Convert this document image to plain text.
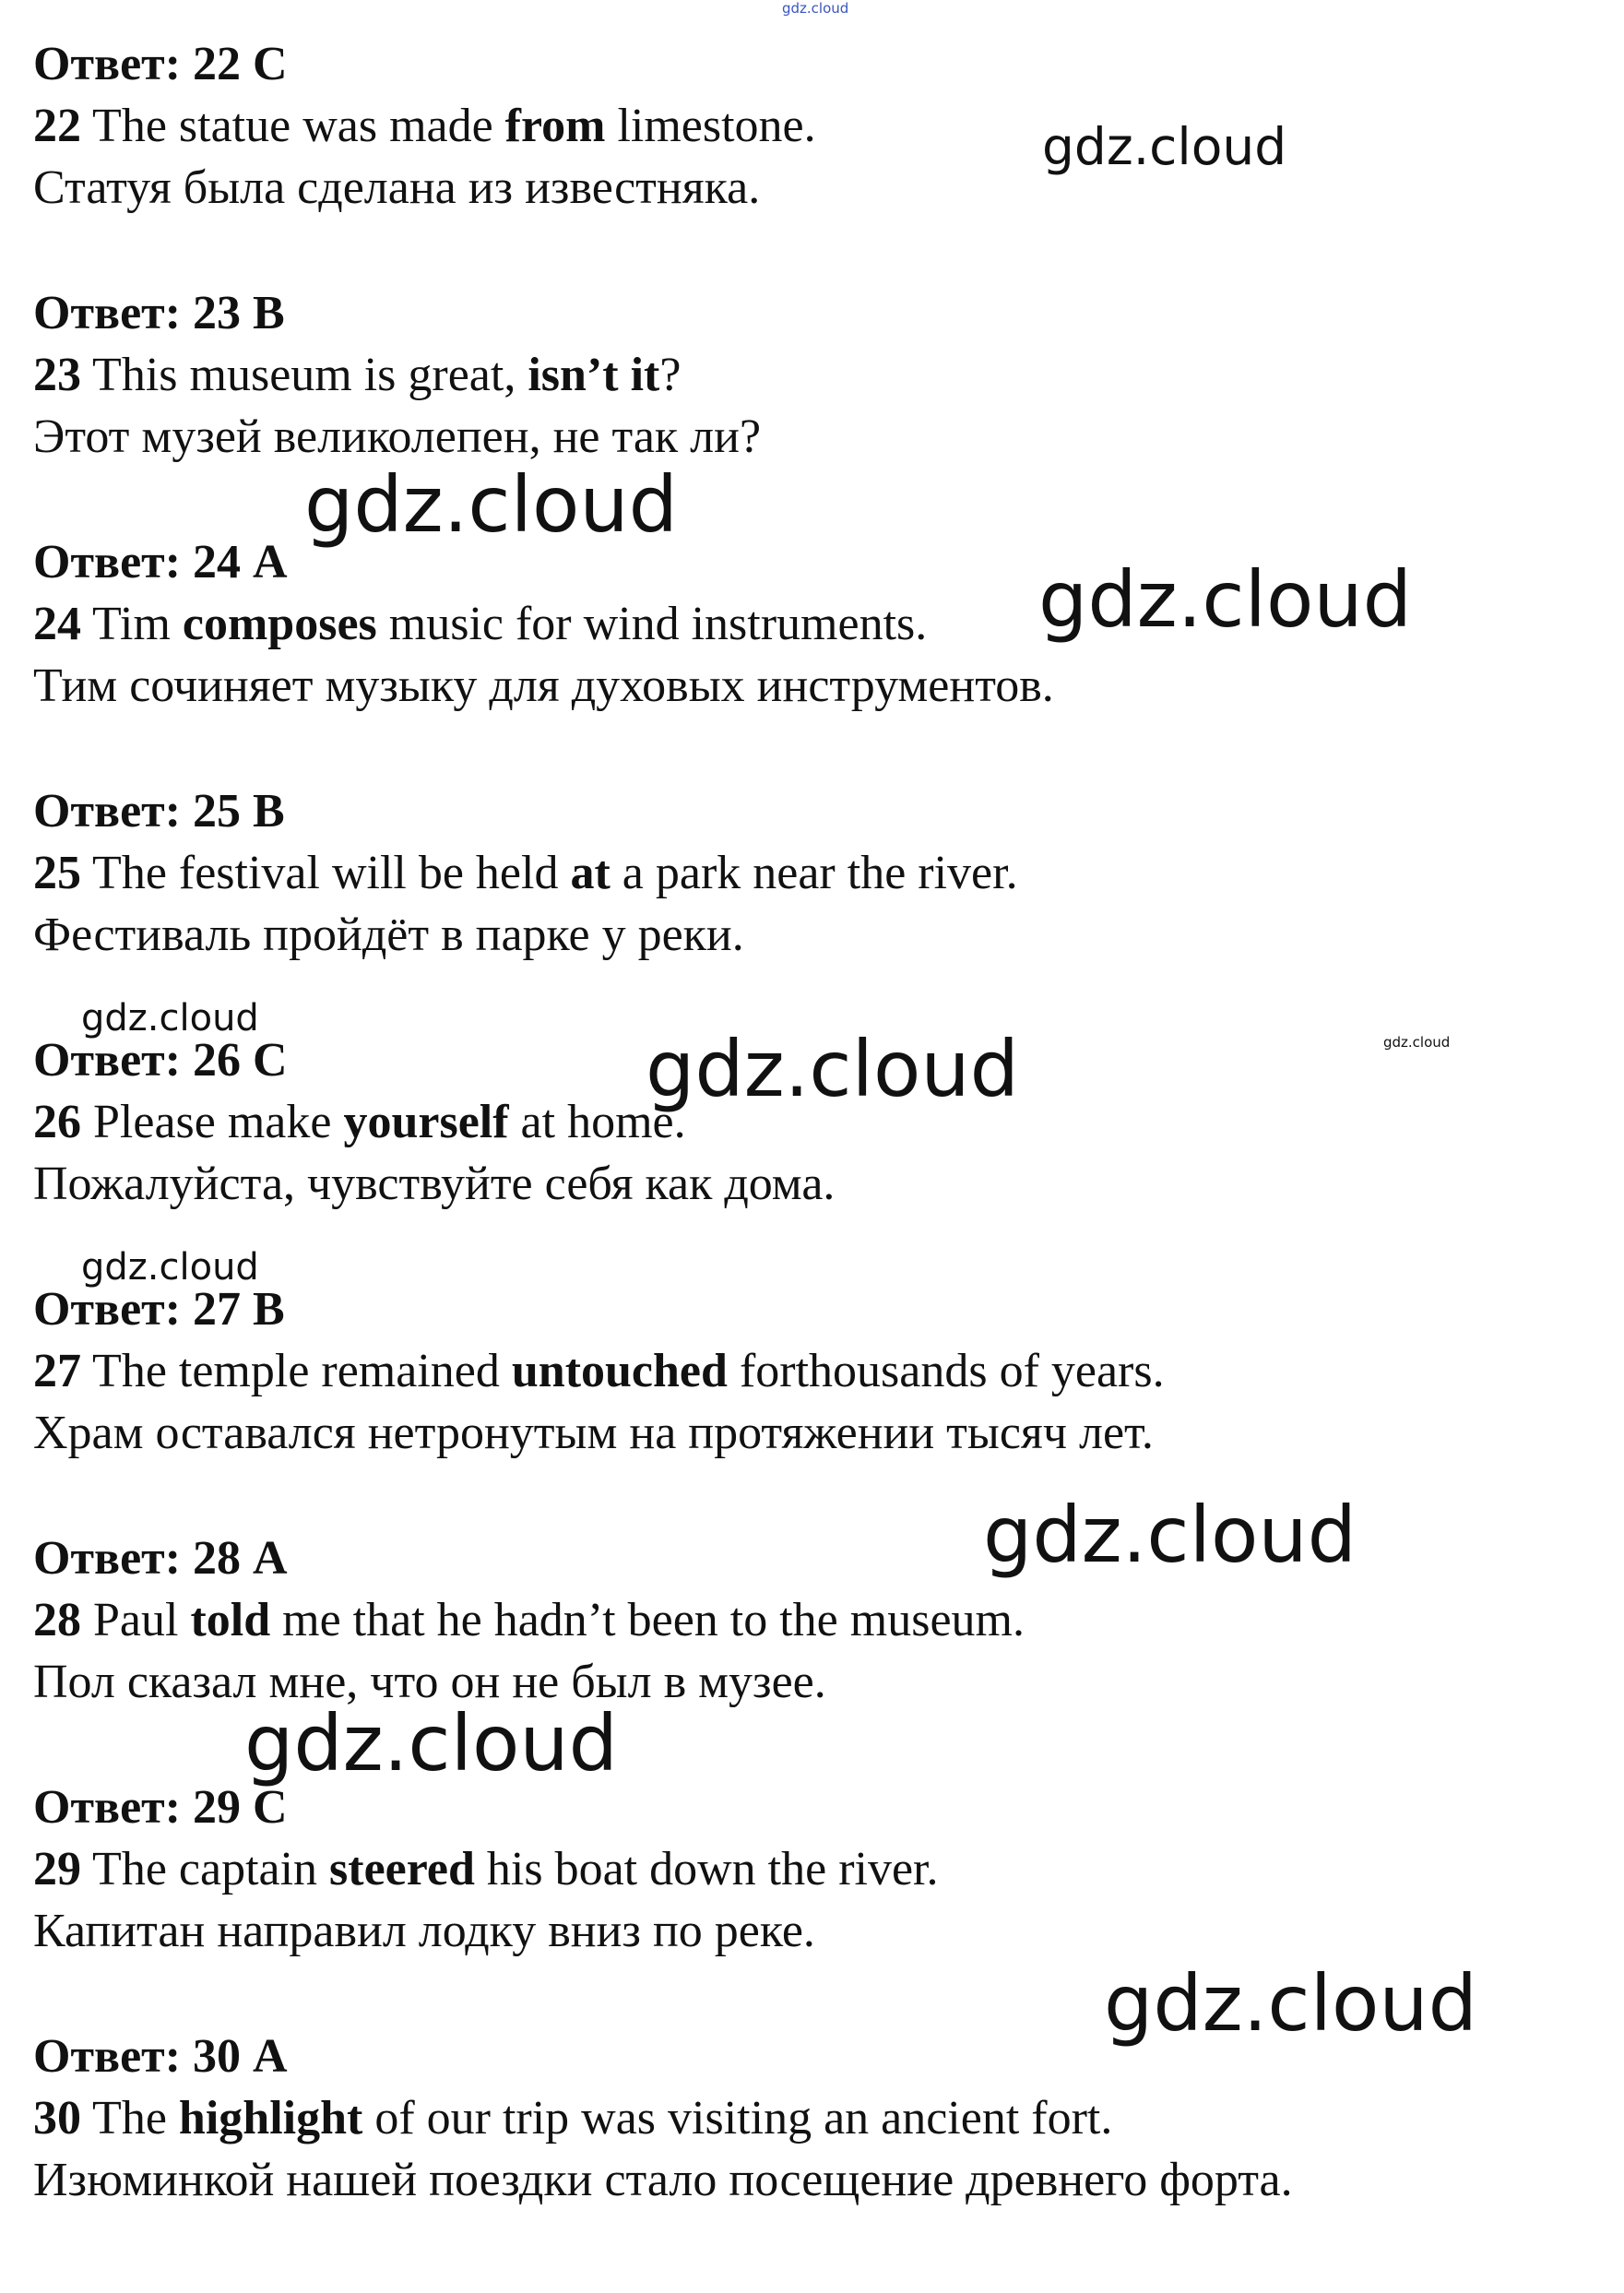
Ответ: 22 C
22 The statue was made from limestone.
Статуя была сделана из известняка.
Ответ: 23 B
23 This museum is great, isn’t it?
Этот музей великолепен, не так ли?
Ответ: 24 A
24 Tim composes music for wind instruments.
Тим сочиняет музыку для духовых инструментов.
Ответ: 25 B
25 The festival will be held at a park near the river.
Фестиваль пройдёт в парке у реки.
Ответ: 26 C
26 Please make yourself at home.
Пожалуйста, чувствуйте себя как дома.
Ответ: 27 B
27 The temple remained untouched forthousands of years.
Храм оставался нетронутым на протяжении тысяч лет.
Ответ: 28 A
28 Paul told me that he hadn’t been to the museum.
Пол сказал мне, что он не был в музее.
Ответ: 29 C
29 The captain steered his boat down the river.
Капитан направил лодку вниз по реке.
Ответ: 30 A
30 The highlight of our trip was visiting an ancient fort.
Изюминкой нашей поездки стало посещение древнего форта.
gdz.cloud
gdz.cloud
gdz.cloud
gdz.cloud
gdz.cloud
gdz.cloud	gdz.cloud
gdz.cloud
gdz.cloud
gdz.cloud
gdz.cloud
